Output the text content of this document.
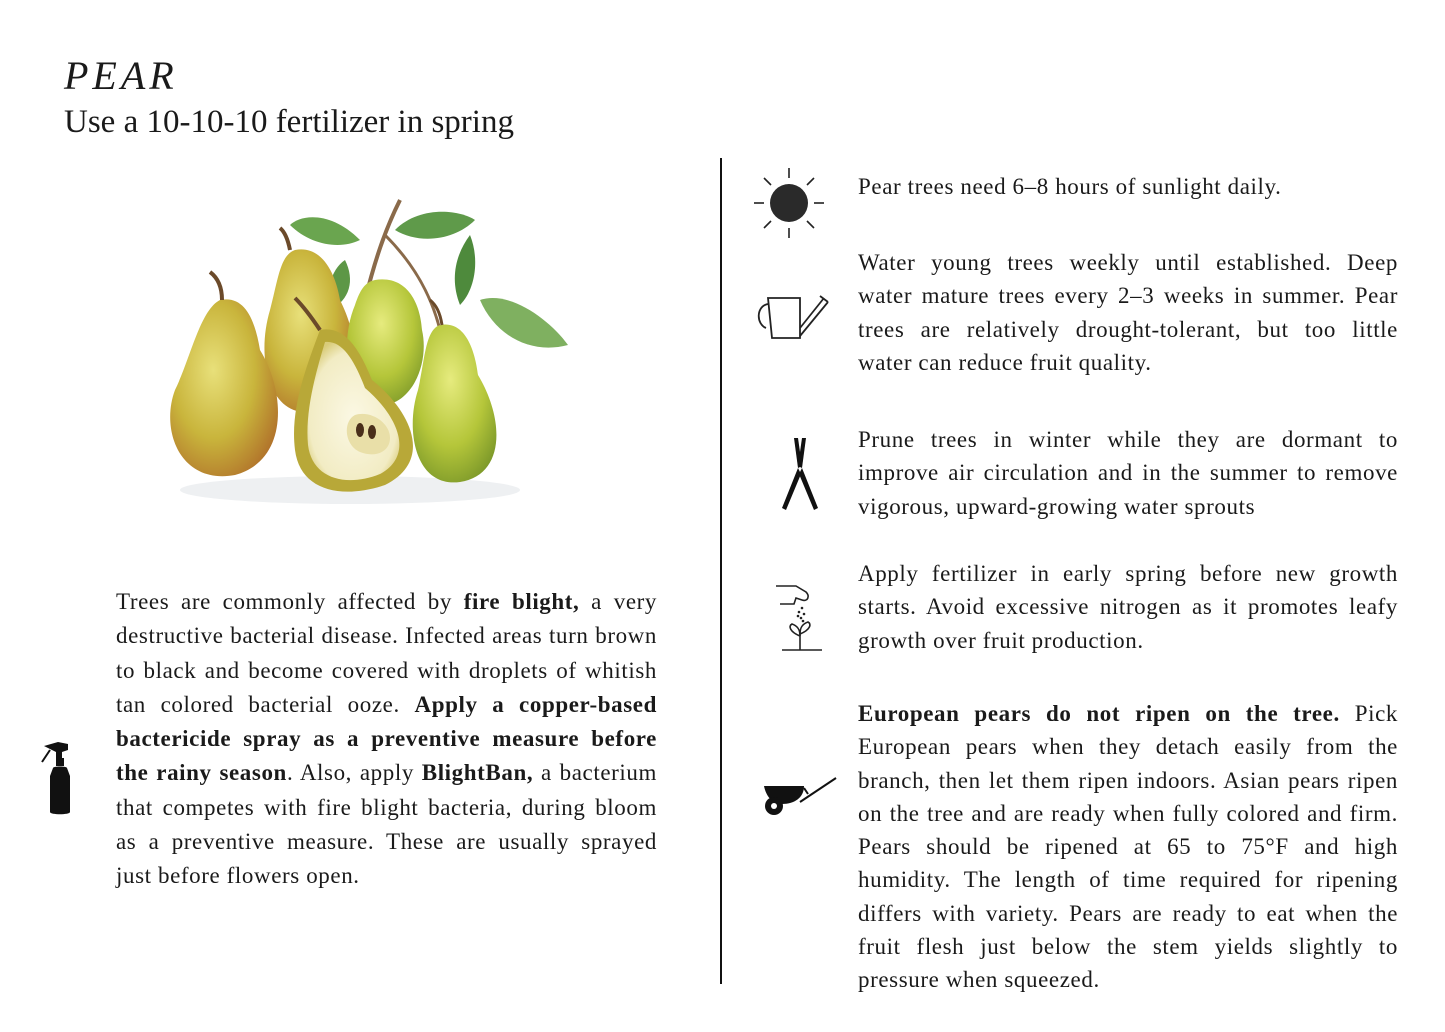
PEAR
Use a 10-10-10 fertilizer in spring

Trees are commonly affected by fire blight, a very destructive bacterial disease. Infected areas turn brown to black and become covered with droplets of whitish tan colored bacterial ooze. Apply a copper-based bactericide spray as a preventive measure before the rainy season. Also, apply BlightBan, a bacterium that competes with fire blight bacteria, during bloom as a preventive measure. These are usually sprayed just before flowers open.

Pear trees need 6–8 hours of sunlight daily.

Water young trees weekly until established. Deep water mature trees every 2–3 weeks in summer. Pear trees are relatively drought-tolerant, but too little water can reduce fruit quality.

Prune trees in winter while they are dormant to improve air circulation and in the summer to remove vigorous, upward-growing water sprouts

Apply fertilizer in early spring before new growth starts. Avoid excessive nitrogen as it promotes leafy growth over fruit production.

European pears do not ripen on the tree. Pick European pears when they detach easily from the branch, then let them ripen indoors. Asian pears ripen on the tree and are ready when fully colored and firm. Pears should be ripened at 65 to 75°F and high humidity. The length of time required for ripening differs with variety. Pears are ready to eat when the fruit flesh just below the stem yields slightly to pressure when squeezed.
